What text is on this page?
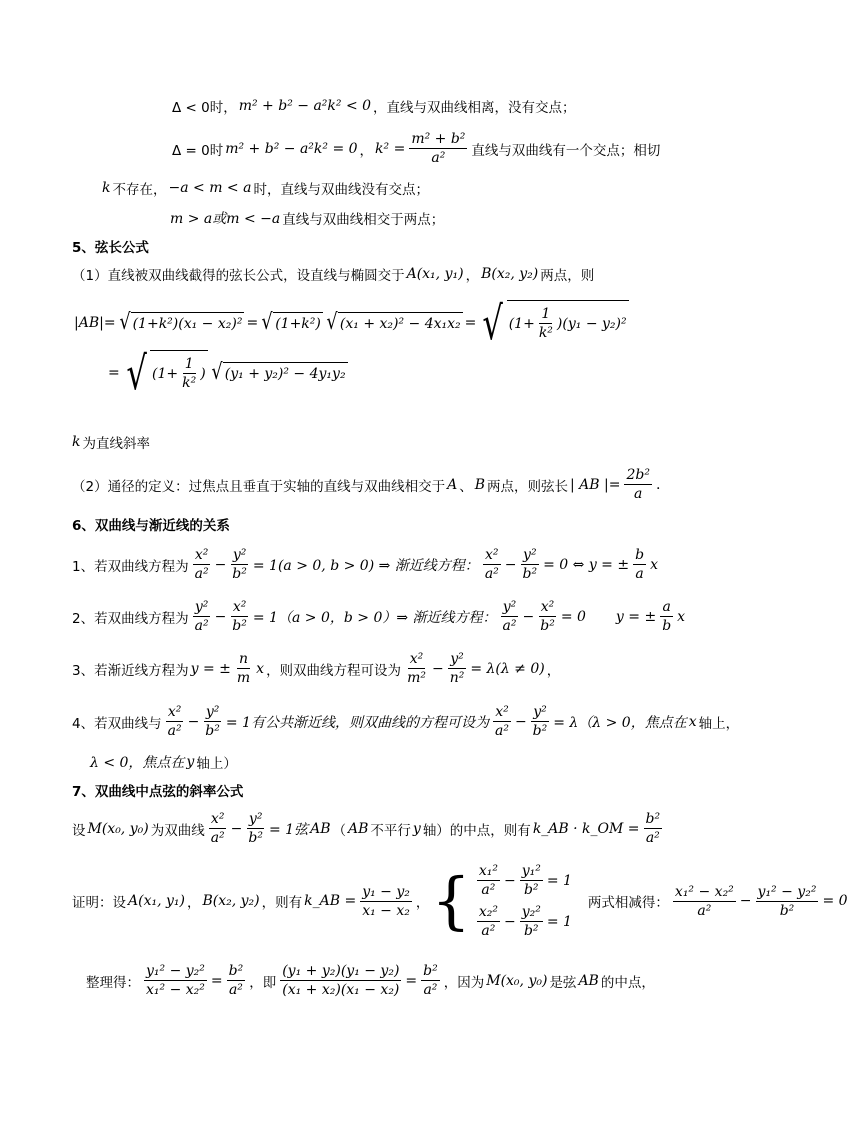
Δ < 0时， m² + b² − a²k² < 0 ，直线与双曲线相离，没有交点；
Δ = 0时 m² + b² − a²k² = 0 ， $k^2 = \frac{\text{m² + b²}}{\text{a²}}$ 直线与双曲线有一个交点；相切
k 不存在， −a < m < a 时，直线与双曲线没有交点；
m > a或m < −a 直线与双曲线相交于两点；
5、弦长公式
（1）直线被双曲线截得的弦长公式，设直线与椭圆交于 A(x₁, y₁) ， B(x₂, y₂) 两点，则
|AB|= √ (1+k²)(x₁ − x₂)² = √ (1+k²) √ (x₁ + x₂)² − 4x₁x₂ = √ ( $1+ \frac{1}{\text{k²}}$ ) (y₁ − y₂)²
= √ ( $1+ \frac{1}{\text{k²}}$ ) √ (y₁ + y₂)² − 4y₁y₂
k 为直线斜率
（2）通径的定义：过焦点且垂直于实轴的直线与双曲线相交于 A 、 B 两点，则弦长 | AB |= $\frac{\text{2b²}}{a}$ .
6、双曲线与渐近线的关系
1、若双曲线方程为 $\frac{\text{x²}}{\text{a²}} - \frac{\text{y²}}{\text{b²}} = 1(a > 0$, b > 0) ⇒ 渐近线方程： $\frac{\text{x²}}{\text{a²}} - \frac{\text{y²}}{\text{b²}} = 0$ ⇔ y = ± $\frac{b}{a}$ x
2、若双曲线方程为 $\frac{\text{y²}}{\text{a²}} - \frac{\text{x²}}{\text{b²}} = 1(a > 0$，b > 0）⇒ 渐近线方程： $\frac{\text{y²}}{\text{a²}} - \frac{\text{x²}}{\text{b²}} = 0$ y = ± $\frac{a}{b}$ x
3、若渐近线方程为 y = ± $\frac{n}{m}$ x ，则双曲线方程可设为 $\frac{\text{x²}}{\text{m²}} - \frac{\text{y²}}{\text{n²}} = \lambda(\lambda \ne 0)$ ，
4、若双曲线与 $\frac{\text{x²}}{\text{a²}} - \frac{\text{y²}}{\text{b²}} = 1$有公共渐近线，则双曲线的方程可设为 $\frac{\text{x²}}{\text{a²}} - \frac{\text{y²}}{\text{b²}} = \lambda(\lambda > 0$，焦点在 x 轴上，
λ < 0，焦点在 y 轴上）
7、双曲线中点弦的斜率公式
设 M(x₀, y₀) 为双曲线 $\frac{\text{x²}}{\text{a²}} - \frac{\text{y²}}{\text{b²}} = 1$弦 AB （ AB 不平行 y 轴）的中点，则有 k_AB · k_OM = $\frac{\text{b²}}{\text{a²}}$
证明：设 A(x₁, y₁) ， B(x₂, y₂) ，则有 k_AB = $\frac{\text{y₁ − y₂}}{\text{x₁ − x₂}}$ ， { $\frac{\text{x₁²}}{\text{a²}} - \frac{\text{y₁²}}{\text{b²}} = 1$
$\frac{\text{x₂²}}{\text{a²}} - \frac{\text{y₂²}}{\text{b²}} = 1$
两式相减得： $\frac{\text{x₁² − x₂²}}{\text{a²}} - \frac{\text{y₁² − y₂²}}{\text{b²}} = 0$
整理得： $\frac{\text{y₁² − y₂²}}{\text{x₁² − x₂²}} = \frac{\text{b²}}{\text{a²}}$ ，即 $\frac{\text{(y₁ + y₂)(y₁ − y₂)}}{\text{(x₁ + x₂)(x₁ − x₂)}} = \frac{\text{b²}}{\text{a²}}$ ，因为 M(x₀, y₀) 是弦 AB 的中点，
